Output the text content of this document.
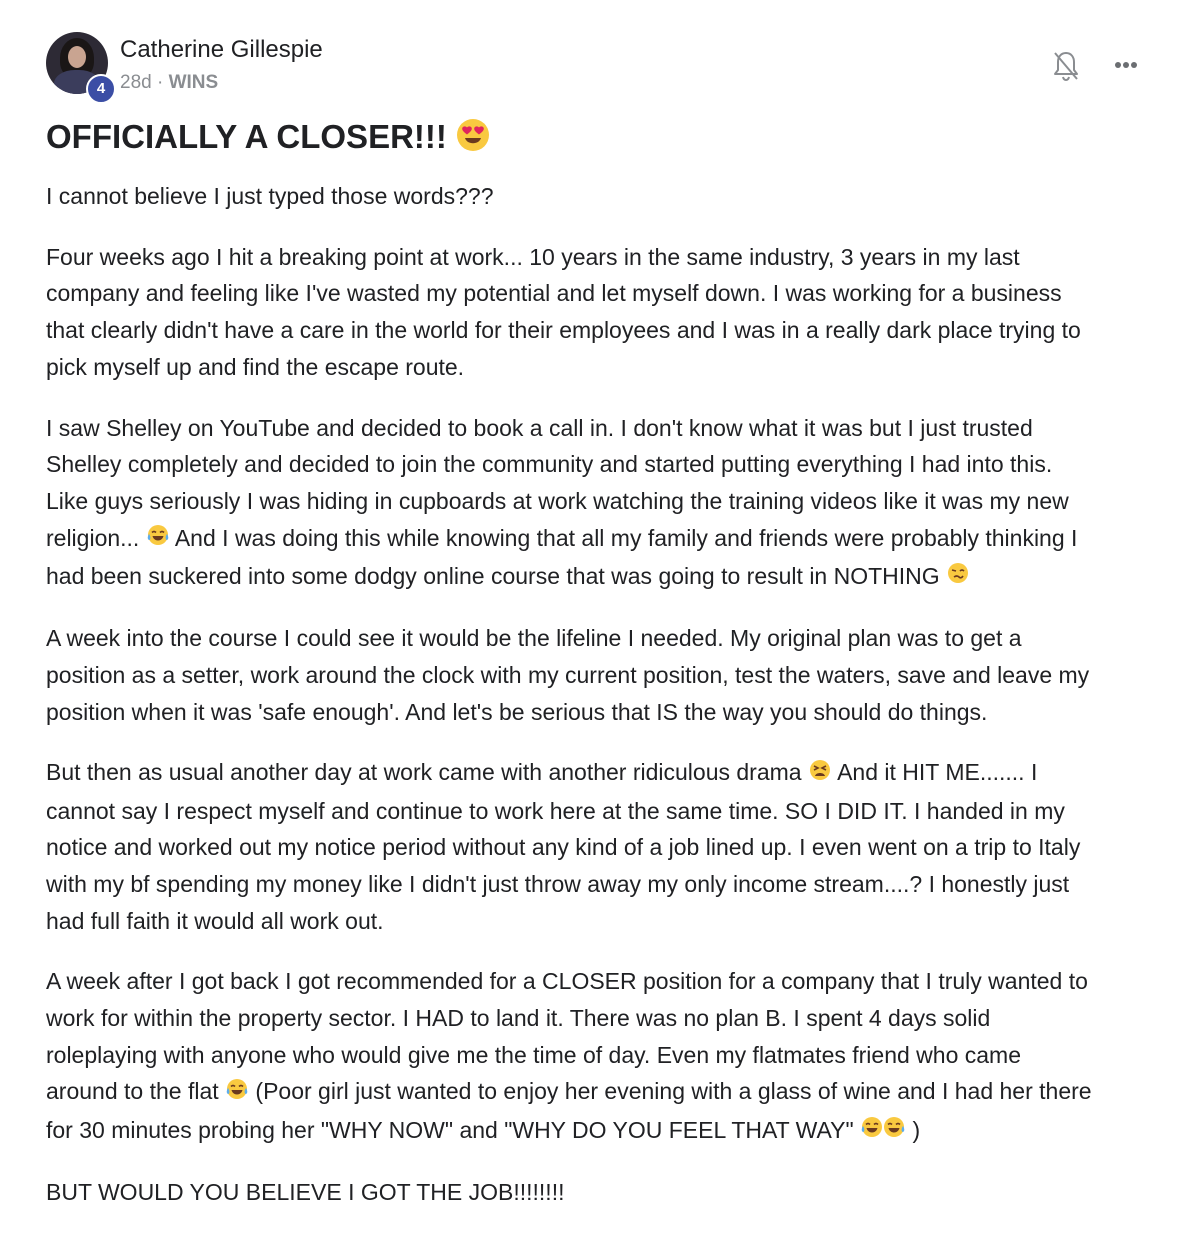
4
Catherine Gillespie
28d · WINS
OFFICIALLY A CLOSER!!!

I cannot believe I just typed those words???

Four weeks ago I hit a breaking point at work... 10 years in the same industry, 3 years in my last
company and feeling like I've wasted my potential and let myself down. I was working for a business
that clearly didn't have a care in the world for their employees and I was in a really dark place trying to
pick myself up and find the escape route.

I saw Shelley on YouTube and decided to book a call in. I don't know what it was but I just trusted
Shelley completely and decided to join the community and started putting everything I had into this.
Like guys seriously I was hiding in cupboards at work watching the training videos like it was my new
religion... And I was doing this while knowing that all my family and friends were probably thinking I
had been suckered into some dodgy online course that was going to result in NOTHING

A week into the course I could see it would be the lifeline I needed. My original plan was to get a
position as a setter, work around the clock with my current position, test the waters, save and leave my
position when it was 'safe enough'. And let's be serious that IS the way you should do things.

But then as usual another day at work came with another ridiculous drama And it HIT ME....... I
cannot say I respect myself and continue to work here at the same time. SO I DID IT. I handed in my
notice and worked out my notice period without any kind of a job lined up. I even went on a trip to Italy
with my bf spending my money like I didn't just throw away my only income stream....? I honestly just
had full faith it would all work out.

A week after I got back I got recommended for a CLOSER position for a company that I truly wanted to
work for within the property sector. I HAD to land it. There was no plan B. I spent 4 days solid
roleplaying with anyone who would give me the time of day. Even my flatmates friend who came
around to the flat (Poor girl just wanted to enjoy her evening with a glass of wine and I had her there
for 30 minutes probing her "WHY NOW" and "WHY DO YOU FEEL THAT WAY"	)

BUT WOULD YOU BELIEVE I GOT THE JOB!!!!!!!!
